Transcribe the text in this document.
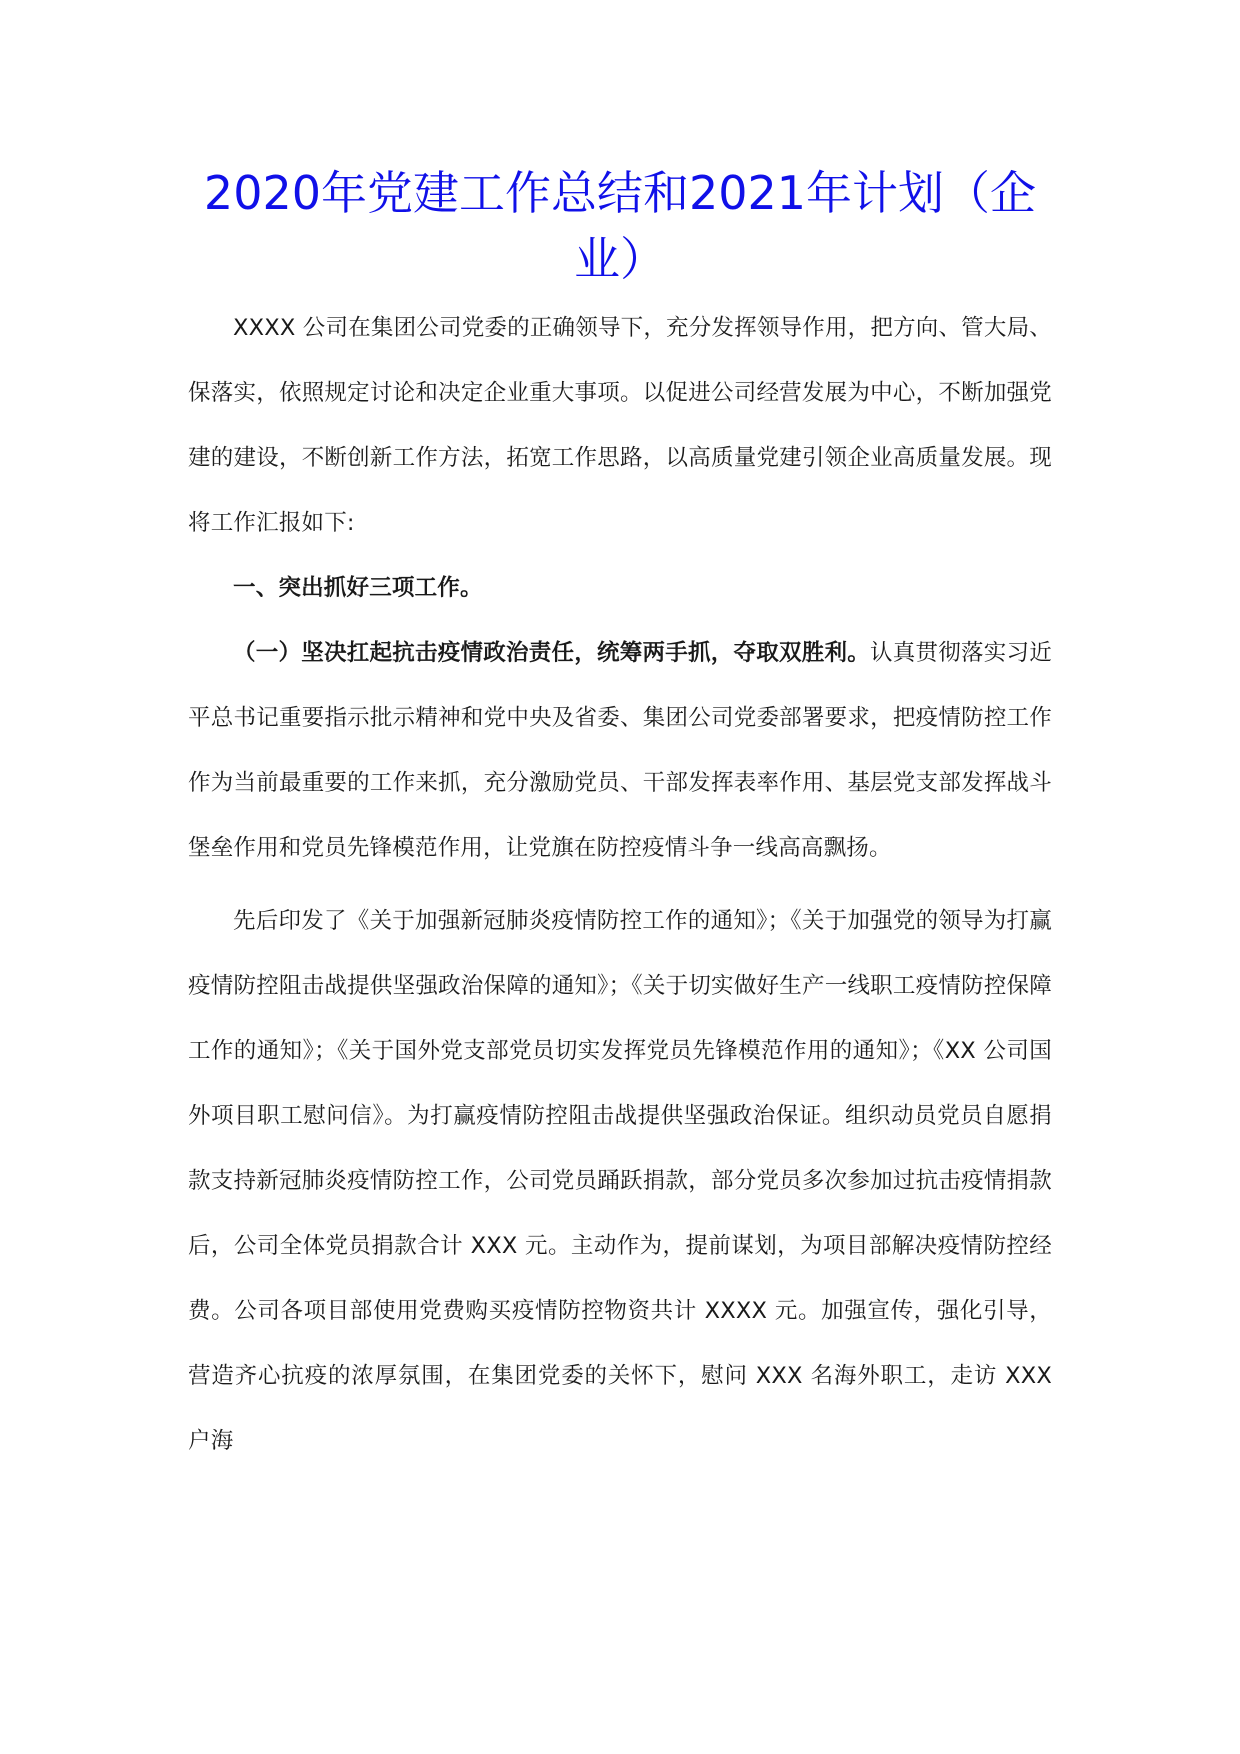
2020年党建工作总结和2021年计划（企业）

XXXX 公司在集团公司党委的正确领导下，充分发挥领导作用，把方向、管大局、保落实，依照规定讨论和决定企业重大事项。以促进公司经营发展为中心，不断加强党建的建设，不断创新工作方法，拓宽工作思路，以高质量党建引领企业高质量发展。现将工作汇报如下:

一、突出抓好三项工作。

（一）坚决扛起抗击疫情政治责任，统筹两手抓，夺取双胜利。认真贯彻落实习近平总书记重要指示批示精神和党中央及省委、集团公司党委部署要求，把疫情防控工作作为当前最重要的工作来抓，充分激励党员、干部发挥表率作用、基层党支部发挥战斗堡垒作用和党员先锋模范作用，让党旗在防控疫情斗争一线高高飘扬。

先后印发了《关于加强新冠肺炎疫情防控工作的通知》；《关于加强党的领导为打赢疫情防控阻击战提供坚强政治保障的通知》；《关于切实做好生产一线职工疫情防控保障工作的通知》；《关于国外党支部党员切实发挥党员先锋模范作用的通知》；《XX 公司国外项目职工慰问信》。为打赢疫情防控阻击战提供坚强政治保证。组织动员党员自愿捐款支持新冠肺炎疫情防控工作，公司党员踊跃捐款，部分党员多次参加过抗击疫情捐款后，公司全体党员捐款合计 XXX 元。主动作为，提前谋划，为项目部解决疫情防控经费。公司各项目部使用党费购买疫情防控物资共计 XXXX 元。加强宣传，强化引导，营造齐心抗疫的浓厚氛围，在集团党委的关怀下，慰问 XXX 名海外职工，走访 XXX 户海
